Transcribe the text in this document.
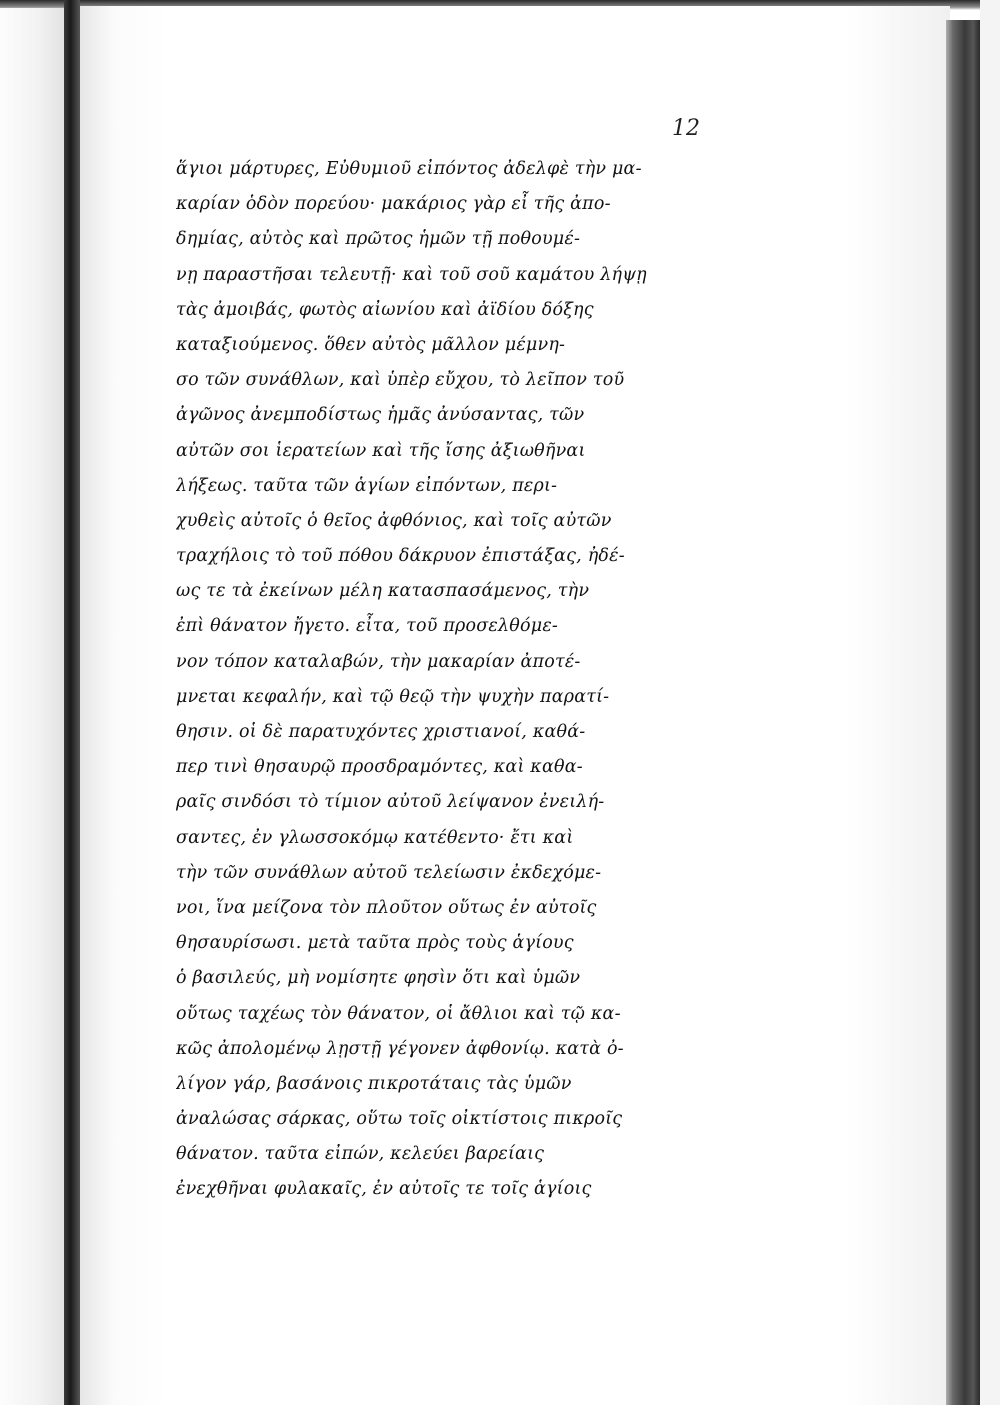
12
ἅγιοι μάρτυρες, Εὐθυμιοῦ εἰπόντος ἀδελφὲ τὴν μα-
καρίαν ὁδὸν πορεύου· μακάριος γὰρ εἶ τῆς ἀπο-
δημίας, αὐτὸς καὶ πρῶτος ἡμῶν τῇ ποθουμέ-
νῃ παραστῆσαι τελευτῇ· καὶ τοῦ σοῦ καμάτου λήψῃ
τὰς ἀμοιβάς, φωτὸς αἰωνίου καὶ ἀϊδίου δόξης
καταξιούμενος. ὅθεν αὐτὸς μᾶλλον μέμνη-
σο τῶν συνάθλων, καὶ ὑπὲρ εὔχου, τὸ λεῖπον τοῦ
ἀγῶνος ἀνεμποδίστως ἡμᾶς ἀνύσαντας, τῶν
αὐτῶν σοι ἱερατείων καὶ τῆς ἴσης ἀξιωθῆναι
λήξεως. ταῦτα τῶν ἁγίων εἰπόντων, περι-
χυθεὶς αὐτοῖς ὁ θεῖος ἀφθόνιος, καὶ τοῖς αὐτῶν
τραχήλοις τὸ τοῦ πόθου δάκρυον ἐπιστάξας, ἠδέ-
ως τε τὰ ἐκείνων μέλη κατασπασάμενος, τὴν
ἐπὶ θάνατον ἤγετο. εἶτα, τοῦ προσελθόμε-
νον τόπον καταλαβών, τὴν μακαρίαν ἀποτέ-
μνεται κεφαλήν, καὶ τῷ θεῷ τὴν ψυχὴν παρατί-
θησιν. οἱ δὲ παρατυχόντες χριστιανοί, καθά-
περ τινὶ θησαυρῷ προσδραμόντες, καὶ καθα-
ραῖς σινδόσι τὸ τίμιον αὐτοῦ λείψανον ἐνειλή-
σαντες, ἐν γλωσσοκόμῳ κατέθεντο· ἔτι καὶ
τὴν τῶν συνάθλων αὐτοῦ τελείωσιν ἐκδεχόμε-
νοι, ἵνα μείζονα τὸν πλοῦτον οὕτως ἐν αὐτοῖς
θησαυρίσωσι. μετὰ ταῦτα πρὸς τοὺς ἁγίους
ὁ βασιλεύς, μὴ νομίσητε φησὶν ὅτι καὶ ὑμῶν
οὕτως ταχέως τὸν θάνατον, οἱ ἄθλιοι καὶ τῷ κα-
κῶς ἀπολομένῳ λῃστῇ γέγονεν ἀφθονίῳ. κατὰ ὀ-
λίγον γάρ, βασάνοις πικροτάταις τὰς ὑμῶν
ἀναλώσας σάρκας, οὕτω τοῖς οἰκτίστοις πικροῖς
θάνατον. ταῦτα εἰπών, κελεύει βαρείαις
ἐνεχθῆναι φυλακαῖς, ἐν αὐτοῖς τε τοῖς ἁγίοις
